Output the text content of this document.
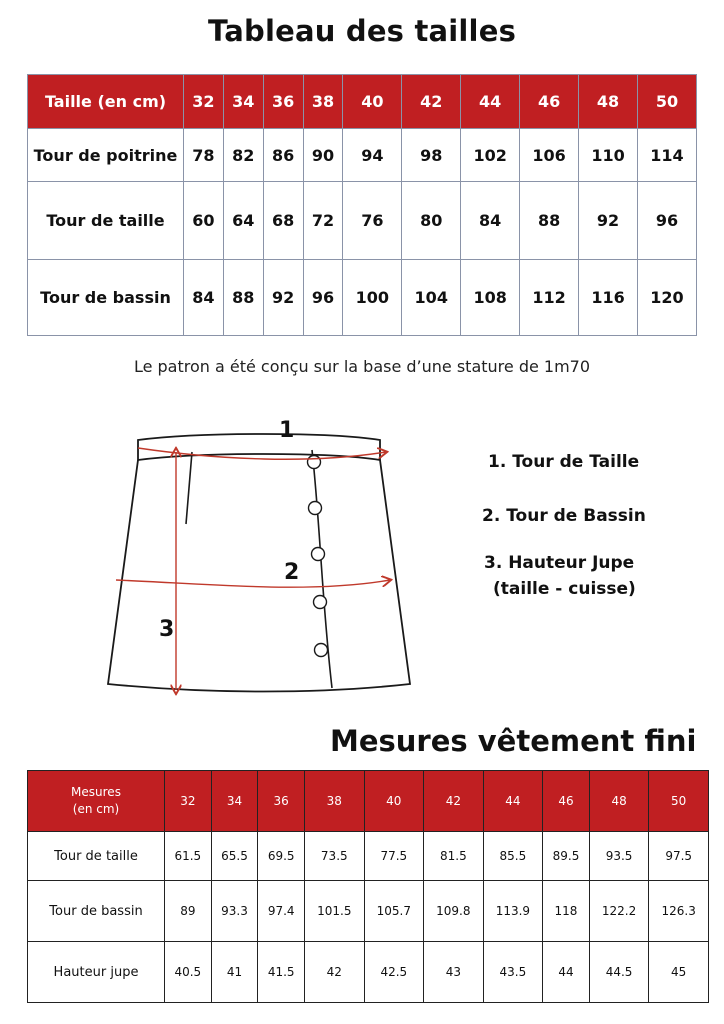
Tableau des tailles
Taille (en cm)	32	34	36	38	40	42	44	46	48	50
Tour de poitrine	78	82	86	90	94	98	102	106	110	114
Tour de taille	60	64	68	72	76	80	84	88	92	96
Tour de bassin	84	88	92	96	100	104	108	112	116	120
Le patron a été conçu sur la base d’une stature de 1m70
1
2
3
1. Tour de Taille
2. Tour de Bassin
3. Hauteur Jupe
(taille - cuisse)
Mesures vêtement fini
Mesures
(en cm)	32	34	36	38	40	42	44	46	48	50
Tour de taille	61.5	65.5	69.5	73.5	77.5	81.5	85.5	89.5	93.5	97.5
Tour de bassin	89	93.3	97.4	101.5	105.7	109.8	113.9	118	122.2	126.3
Hauteur jupe	40.5	41	41.5	42	42.5	43	43.5	44	44.5	45
